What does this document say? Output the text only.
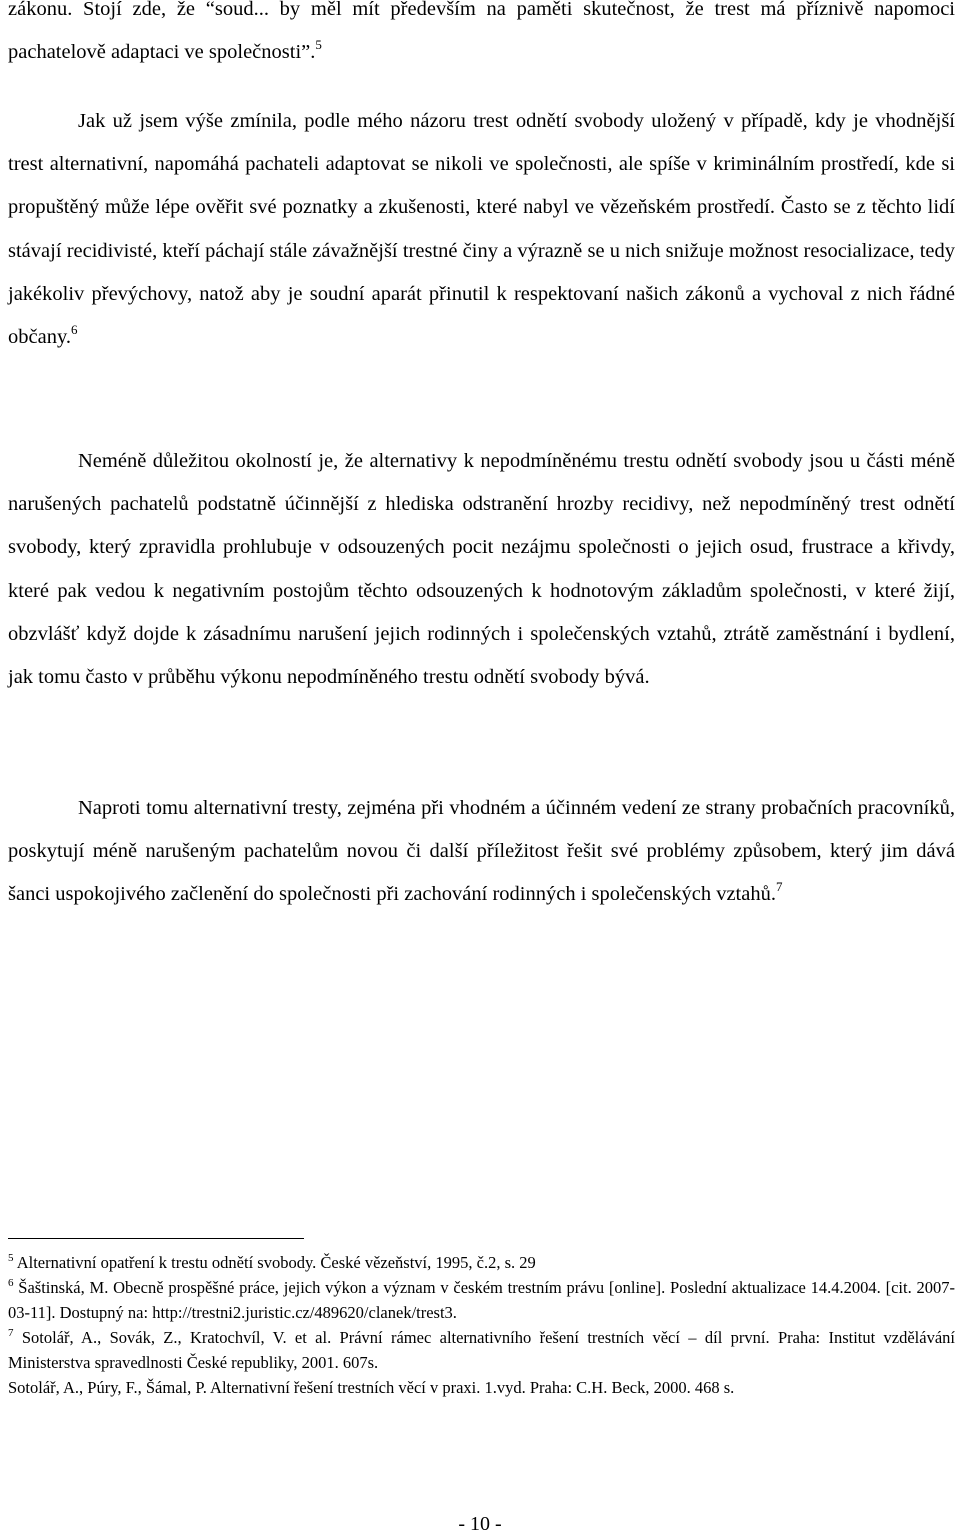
zákonu. Stojí zde, že “soud... by měl mít především na paměti skutečnost, že trest má příznivě napomoci pachatelově adaptaci ve společnosti”.$^5$

Jak už jsem výše zmínila, podle mého názoru trest odnětí svobody uložený v případě, kdy je vhodnější trest alternativní, napomáhá pachateli adaptovat se nikoli ve společnosti, ale spíše v kriminálním prostředí, kde si propuštěný může lépe ověřit své poznatky a zkušenosti, které nabyl ve vězeňském prostředí. Často se z těchto lidí stávají recidivisté, kteří páchají stále závažnější trestné činy a výrazně se u nich snižuje možnost resocializace, tedy jakékoliv převýchovy, natož aby je soudní aparát přinutil k respektovaní našich zákonů a vychoval z nich řádné občany.$^6$

Neméně důležitou okolností je, že alternativy k nepodmíněnému trestu odnětí svobody jsou u části méně narušených pachatelů podstatně účinnější z hlediska odstranění hrozby recidivy, než nepodmíněný trest odnětí svobody, který zpravidla prohlubuje v odsouzených pocit nezájmu společnosti o jejich osud, frustrace a křivdy, které pak vedou k negativním postojům těchto odsouzených k hodnotovým základům společnosti, v které žijí, obzvlášť když dojde k zásadnímu narušení jejich rodinných i společenských vztahů, ztrátě zaměstnání i bydlení, jak tomu často v průběhu výkonu nepodmíněného trestu odnětí svobody bývá.

Naproti tomu alternativní tresty, zejména při vhodném a účinném vedení ze strany probačních pracovníků, poskytují méně narušeným pachatelům novou či další příležitost řešit své problémy způsobem, který jim dává šanci uspokojivého začlenění do společnosti při zachování rodinných i společenských vztahů.$^7$

$^5$ Alternativní opatření k trestu odnětí svobody. České vězeňství, 1995, č.2, s. 29

$^6$ Šaštinská, M. Obecně prospěšné práce, jejich výkon a význam v českém trestním právu [online]. Poslední aktualizace 14.4.2004. [cit. 2007-03-11]. Dostupný na: http://trestni2.juristic.cz/489620/clanek/trest3.

$^7$ Sotolář, A., Sovák, Z., Kratochvíl, V. et al. Právní rámec alternativního řešení trestních věcí – díl první. Praha: Institut vzdělávání Ministerstva spravedlnosti České republiky, 2001. 607s.

Sotolář, A., Púry, F., Šámal, P. Alternativní řešení trestních věcí v praxi. 1.vyd. Praha: C.H. Beck, 2000. 468 s.

- 10 -
